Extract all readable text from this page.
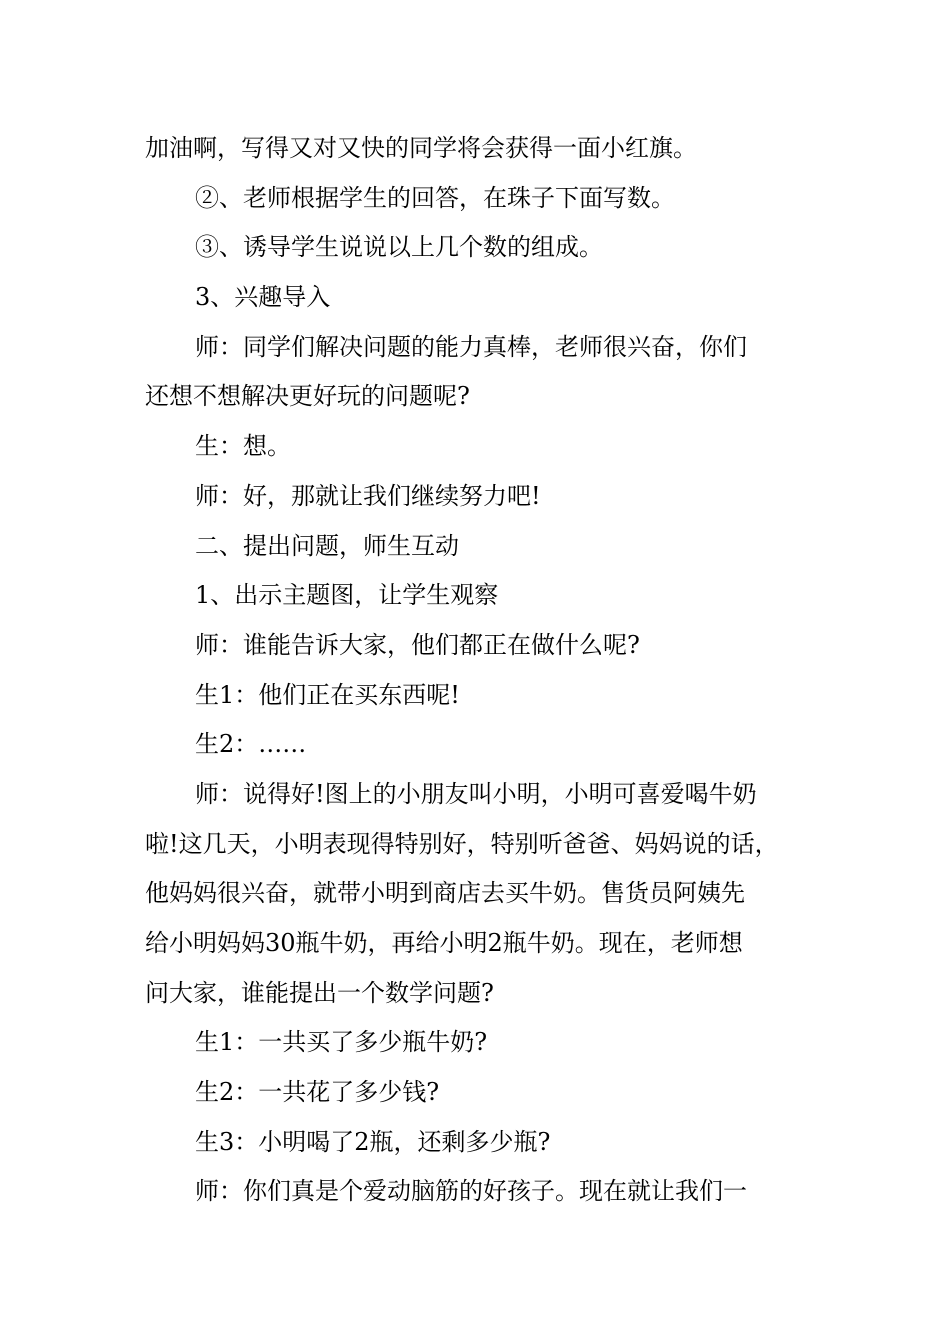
加油啊，写得又对又快的同学将会获得一面小红旗。
②、老师根据学生的回答，在珠子下面写数。
③、诱导学生说说以上几个数的组成。
3、兴趣导入
师：同学们解决问题的能力真棒，老师很兴奋，你们
还想不想解决更好玩的问题呢?
生：想。
师：好，那就让我们继续努力吧!
二、提出问题，师生互动
1、出示主题图，让学生观察
师：谁能告诉大家，他们都正在做什么呢?
生1：他们正在买东西呢!
生2：……
师：说得好!图上的小朋友叫小明，小明可喜爱喝牛奶
啦!这几天，小明表现得特别好，特别听爸爸、妈妈说的话，
他妈妈很兴奋，就带小明到商店去买牛奶。售货员阿姨先
给小明妈妈30瓶牛奶，再给小明2瓶牛奶。现在，老师想
问大家，谁能提出一个数学问题?
生1：一共买了多少瓶牛奶?
生2：一共花了多少钱?
生3：小明喝了2瓶，还剩多少瓶?
师：你们真是个爱动脑筋的好孩子。现在就让我们一
